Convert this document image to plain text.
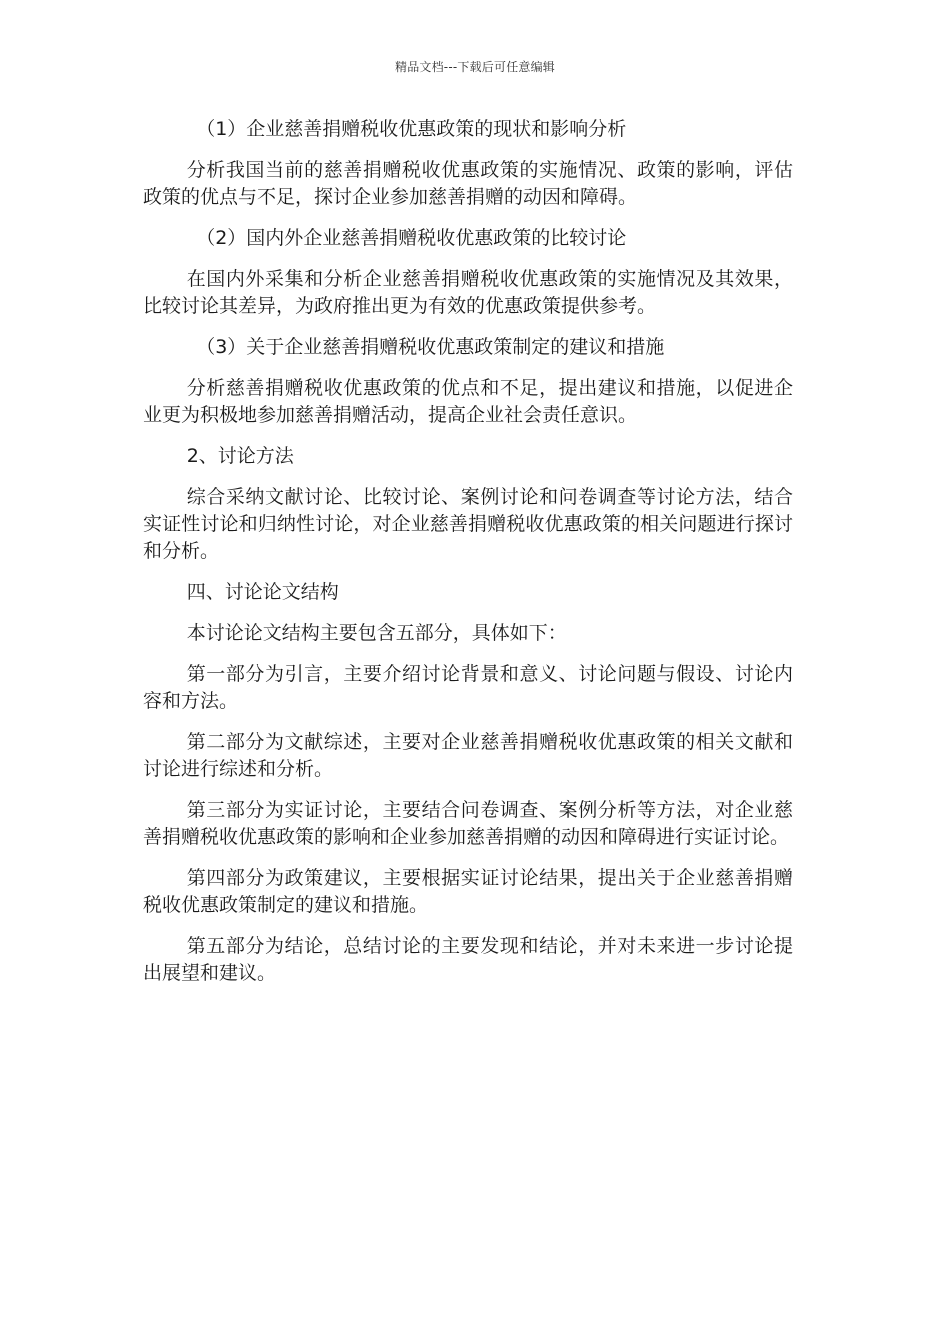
精品文档---下载后可任意编辑

（1）企业慈善捐赠税收优惠政策的现状和影响分析

分析我国当前的慈善捐赠税收优惠政策的实施情况、政策的影响，评估政策的优点与不足，探讨企业参加慈善捐赠的动因和障碍。

（2）国内外企业慈善捐赠税收优惠政策的比较讨论

在国内外采集和分析企业慈善捐赠税收优惠政策的实施情况及其效果，比较讨论其差异，为政府推出更为有效的优惠政策提供参考。

（3）关于企业慈善捐赠税收优惠政策制定的建议和措施

分析慈善捐赠税收优惠政策的优点和不足，提出建议和措施，以促进企业更为积极地参加慈善捐赠活动，提高企业社会责任意识。

2、讨论方法

综合采纳文献讨论、比较讨论、案例讨论和问卷调查等讨论方法，结合实证性讨论和归纳性讨论，对企业慈善捐赠税收优惠政策的相关问题进行探讨和分析。

四、讨论论文结构

本讨论论文结构主要包含五部分，具体如下：

第一部分为引言，主要介绍讨论背景和意义、讨论问题与假设、讨论内容和方法。

第二部分为文献综述，主要对企业慈善捐赠税收优惠政策的相关文献和讨论进行综述和分析。

第三部分为实证讨论，主要结合问卷调查、案例分析等方法，对企业慈善捐赠税收优惠政策的影响和企业参加慈善捐赠的动因和障碍进行实证讨论。

第四部分为政策建议，主要根据实证讨论结果，提出关于企业慈善捐赠税收优惠政策制定的建议和措施。

第五部分为结论，总结讨论的主要发现和结论，并对未来进一步讨论提出展望和建议。
